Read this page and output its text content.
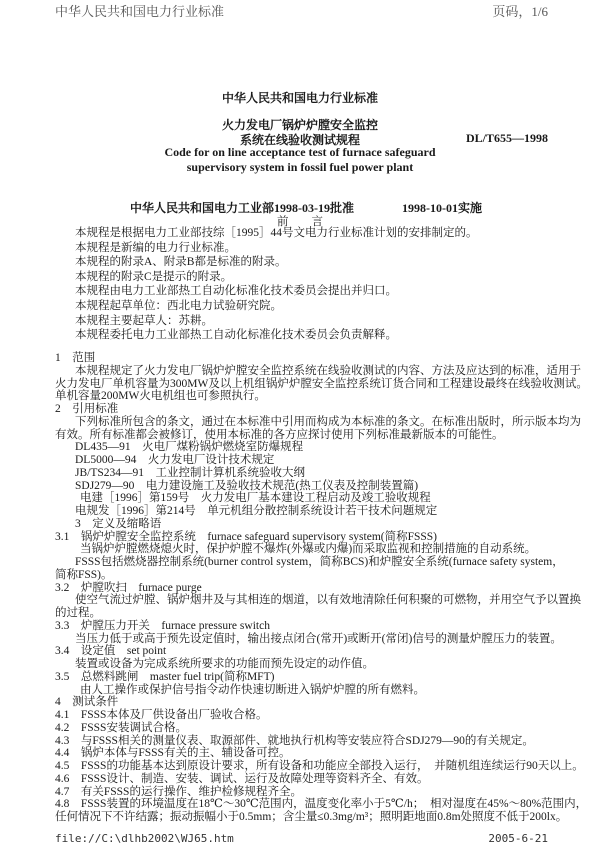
中华人民共和国电力行业标准	页码，1/6
中华人民共和国电力行业标准
火力发电厂锅炉炉膛安全监控
系统在线验收测试规程	DL/T655—1998
Code for on line acceptance test of furnace safeguard
supervisory system in fossil fuel power plant
中华人民共和国电力工业部1998-03-19批准	1998-10-01实施
前　　言
本规程是根据电力工业部技综［1995］44号文电力行业标准计划的安排制定的。
本规程是新编的电力行业标准。
本规程的附录A、附录B都是标准的附录。
本规程的附录C是提示的附录。
本规程由电力工业部热工自动化标准化技术委员会提出并归口。
本规程起草单位：西北电力试验研究院。
本规程主要起草人：苏耕。
本规程委托电力工业部热工自动化标准化技术委员会负责解释。
1　范围
本规程规定了火力发电厂锅炉炉膛安全监控系统在线验收测试的内容、方法及应达到的标准，适用于
火力发电厂单机容量为300MW及以上机组锅炉炉膛安全监控系统订货合同和工程建设最终在线验收测试。
单机容量200MW火电机组也可参照执行。
2　引用标准
下列标准所包含的条文，通过在本标准中引用而构成为本标准的条文。在标准出版时，所示版本均为
有效。所有标准都会被修订，使用本标准的各方应探讨使用下列标准最新版本的可能性。
DL435—91　火电厂煤粉锅炉燃烧室防爆规程
DL5000—94　火力发电厂设计技术规定
JB/TS234—91　工业控制计算机系统验收大纲
SDJ279—90　电力建设施工及验收技术规范(热工仪表及控制装置篇)
电建［1996］第159号　火力发电厂基本建设工程启动及竣工验收规程
电规发［1996］第214号　单元机组分散控制系统设计若干技术问题规定
3　定义及缩略语
3.1　锅炉炉膛安全监控系统　furnace safeguard supervisory system(简称FSSS)
当锅炉炉膛燃烧熄火时，保护炉膛不爆炸(外爆或内爆)而采取监视和控制措施的自动系统。
FSSS包括燃烧器控制系统(burner control system，简称BCS)和炉膛安全系统(furnace safety system，
简称FSS)。
3.2　炉膛吹扫　furnace purge
使空气流过炉膛、锅炉烟井及与其相连的烟道，以有效地清除任何积聚的可燃物，并用空气予以置换
的过程。
3.3　炉膛压力开关　furnace pressure switch
当压力低于或高于预先设定值时，输出接点闭合(常开)或断开(常闭)信号的测量炉膛压力的装置。
3.4　设定值　set point
装置或设备为完成系统所要求的功能而预先设定的动作值。
3.5　总燃料跳闸　master fuel trip(简称MFT)
由人工操作或保护信号指令动作快速切断进入锅炉炉膛的所有燃料。
4　测试条件
4.1　FSSS本体及厂供设备出厂验收合格。
4.2　FSSS安装调试合格。
4.3　与FSSS相关的测量仪表、取源部件、就地执行机构等安装应符合SDJ279—90的有关规定。
4.4　锅炉本体与FSSS有关的主、辅设备可控。
4.5　FSSS的功能基本达到原设计要求，所有设备和功能应全部投入运行，　并随机组连续运行90天以上。
4.6　FSSS设计、制造、安装、调试、运行及故障处理等资料齐全、有效。
4.7　有关FSSS的运行操作、维护检修规程齐全。
4.8　FSSS装置的环境温度在18℃～30℃范围内，温度变化率小于5℃/h；　相对湿度在45%～80%范围内，
任何情况下不许结露；振动振幅小于0.5mm；含尘量≤0.3mg/m³；照明距地面0.8m处照度不低于200lx。
file://C:\dlhb2002\WJ65.htm	2005-6-21
